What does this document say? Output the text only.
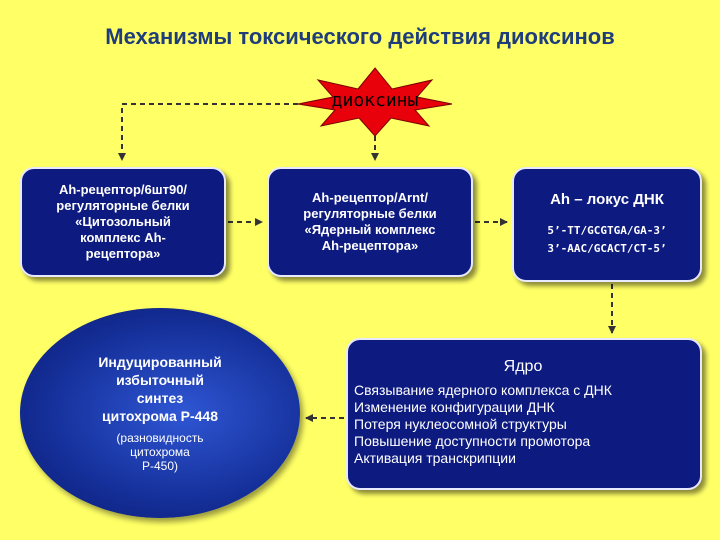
Механизмы токсического действия диоксинов
диоксины
Ah-рецептор/6шт90/
регуляторные белки
«Цитозольный
комплекс Ah-
рецептора»
Ah-рецептор/Arnt/
регуляторные белки
«Ядерный комплекс
Ah-рецептора»
Ah – локус ДНК
5’-TT/GCGTGA/GA-3’
3’-AAC/GCACT/CT-5’
Индуцированный
избыточный
синтез
цитохрома Р-448
(разновидность
цитохрома
Р-450)
Ядро
Связывание ядерного комплекса с ДНК
Изменение конфигурации ДНК
Потеря нуклеосомной структуры
Повышение доступности промотора
Активация транскрипции
